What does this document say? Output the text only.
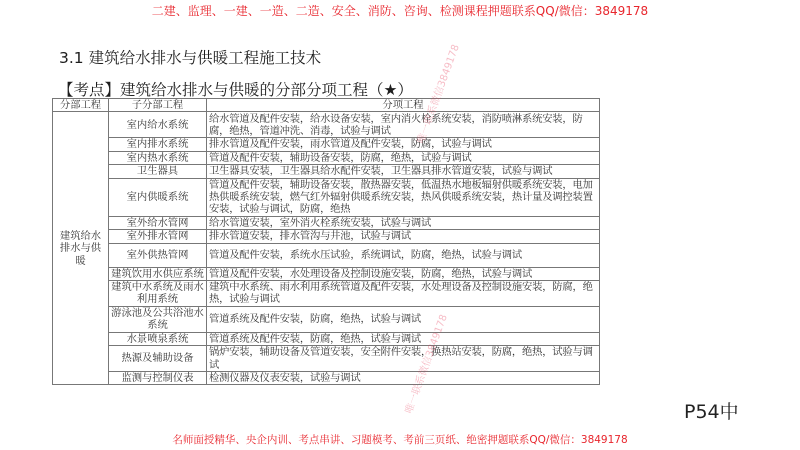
二建、监理、一建、一造、二造、安全、消防、咨询、检测课程押题联系QQ/微信：3849178
3.1 建筑给水排水与供暖工程施工技术
【考点】建筑给水排水与供暖的分部分项工程（★）
分部工程	子分部工程	分项工程
建筑给水排水与供暖	室内给水系统	给水管道及配件安装，给水设备安装，室内消火栓系统安装，消防喷淋系统安装，防腐，绝热，管道冲洗、消毒，试验与调试
	室内排水系统	排水管道及配件安装，雨水管道及配件安装，防腐，试验与调试
	室内热水系统	管道及配件安装，辅助设备安装，防腐，绝热，试验与调试
	卫生器具	卫生器具安装，卫生器具给水配件安装，卫生器具排水管道安装，试验与调试
	室内供暖系统	管道及配件安装，辅助设备安装，散热器安装，低温热水地板辐射供暖系统安装，电加热供暖系统安装，燃气红外辐射供暖系统安装，热风供暖系统安装，热计量及调控装置安装，试验与调试，防腐，绝热
	室外给水管网	给水管道安装，室外消火栓系统安装，试验与调试
	室外排水管网	排水管道安装，排水管沟与井池，试验与调试
	室外供热管网	管道及配件安装，系统水压试验，系统调试，防腐，绝热，试验与调试
	建筑饮用水供应系统	管道及配件安装，水处理设备及控制设施安装，防腐，绝热，试验与调试
	建筑中水系统及雨水利用系统	建筑中水系统、雨水利用系统管道及配件安装，水处理设备及控制设施安装，防腐，绝热，试验与调试
	游泳池及公共浴池水系统	管道系统及配件安装，防腐，绝热，试验与调试
	水景喷泉系统	管道系统及配件安装，防腐，绝热，试验与调试
	热源及辅助设备	锅炉安装，辅助设备及管道安装，安全附件安装，换热站安装，防腐，绝热，试验与调试
	监测与控制仪表	检测仪器及仪表安装，试验与调试
P54中
名师面授精华、央企内训、考点串讲、习题模考、考前三页纸、绝密押题联系QQ/微信：3849178
唯一联系微信3849178
唯一联系微信3849178
